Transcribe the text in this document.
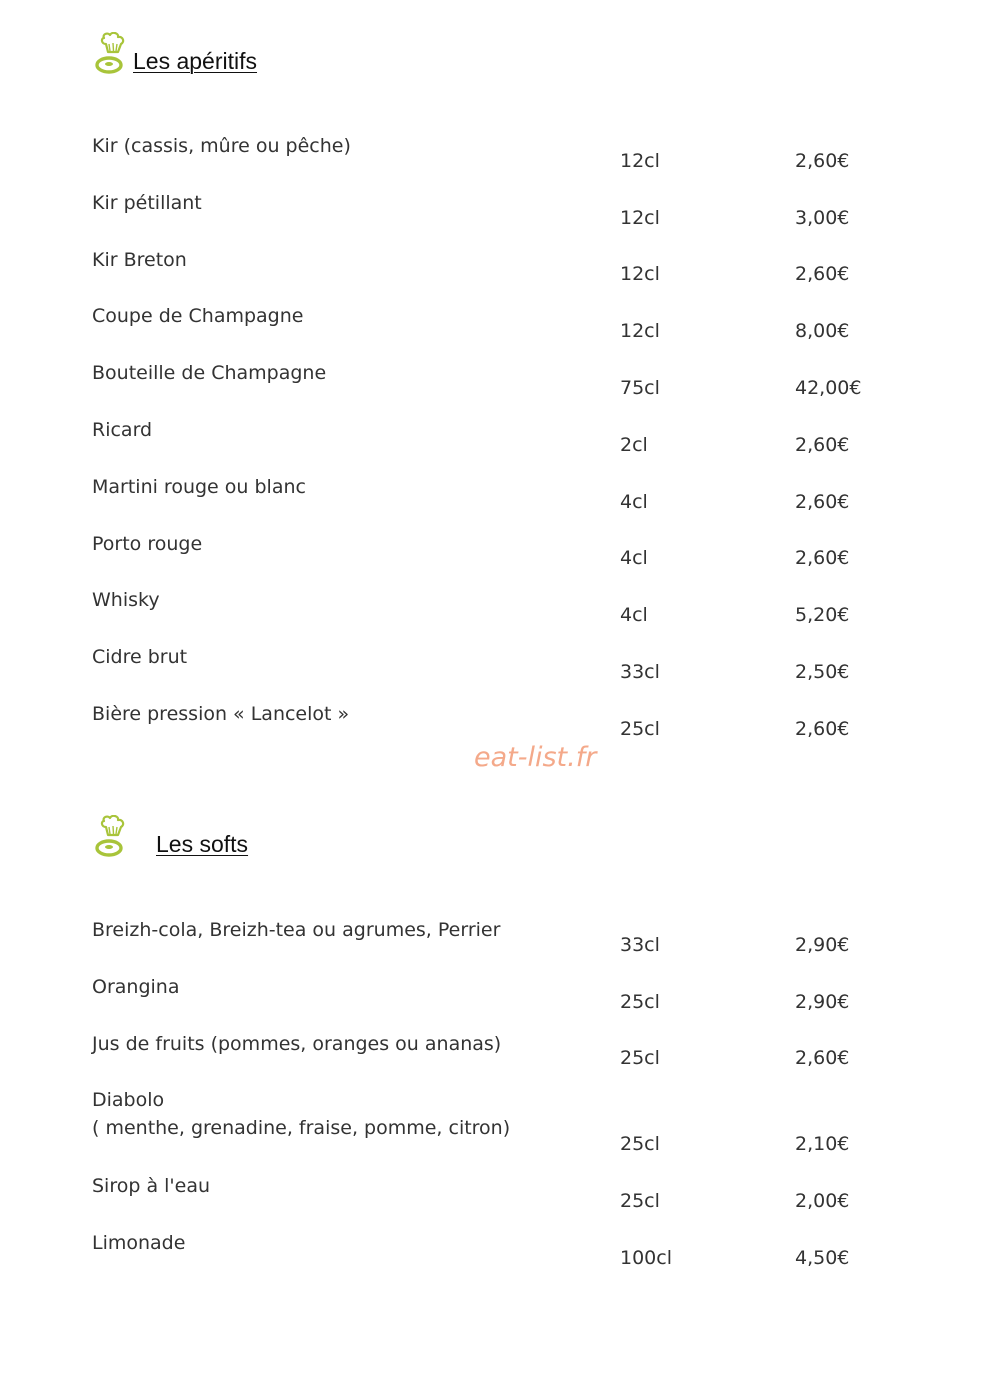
Les apéritifs
Kir (cassis, mûre ou pêche)
12cl	2,60€
Kir pétillant
12cl	3,00€
Kir Breton
12cl	2,60€
Coupe de Champagne
12cl	8,00€
Bouteille de Champagne
75cl	42,00€
Ricard
2cl	2,60€
Martini rouge ou blanc
4cl	2,60€
Porto rouge
4cl	2,60€
Whisky
4cl	5,20€
Cidre brut
33cl	2,50€
Bière pression « Lancelot »
25cl	2,60€
eat-list.fr
Les softs
Breizh-cola, Breizh-tea ou agrumes, Perrier
33cl	2,90€
Orangina
25cl	2,90€
Jus de fruits (pommes, oranges ou ananas)
25cl	2,60€
Diabolo
( menthe, grenadine, fraise, pomme, citron)
25cl	2,10€
Sirop à l'eau
25cl	2,00€
Limonade
100cl	4,50€
